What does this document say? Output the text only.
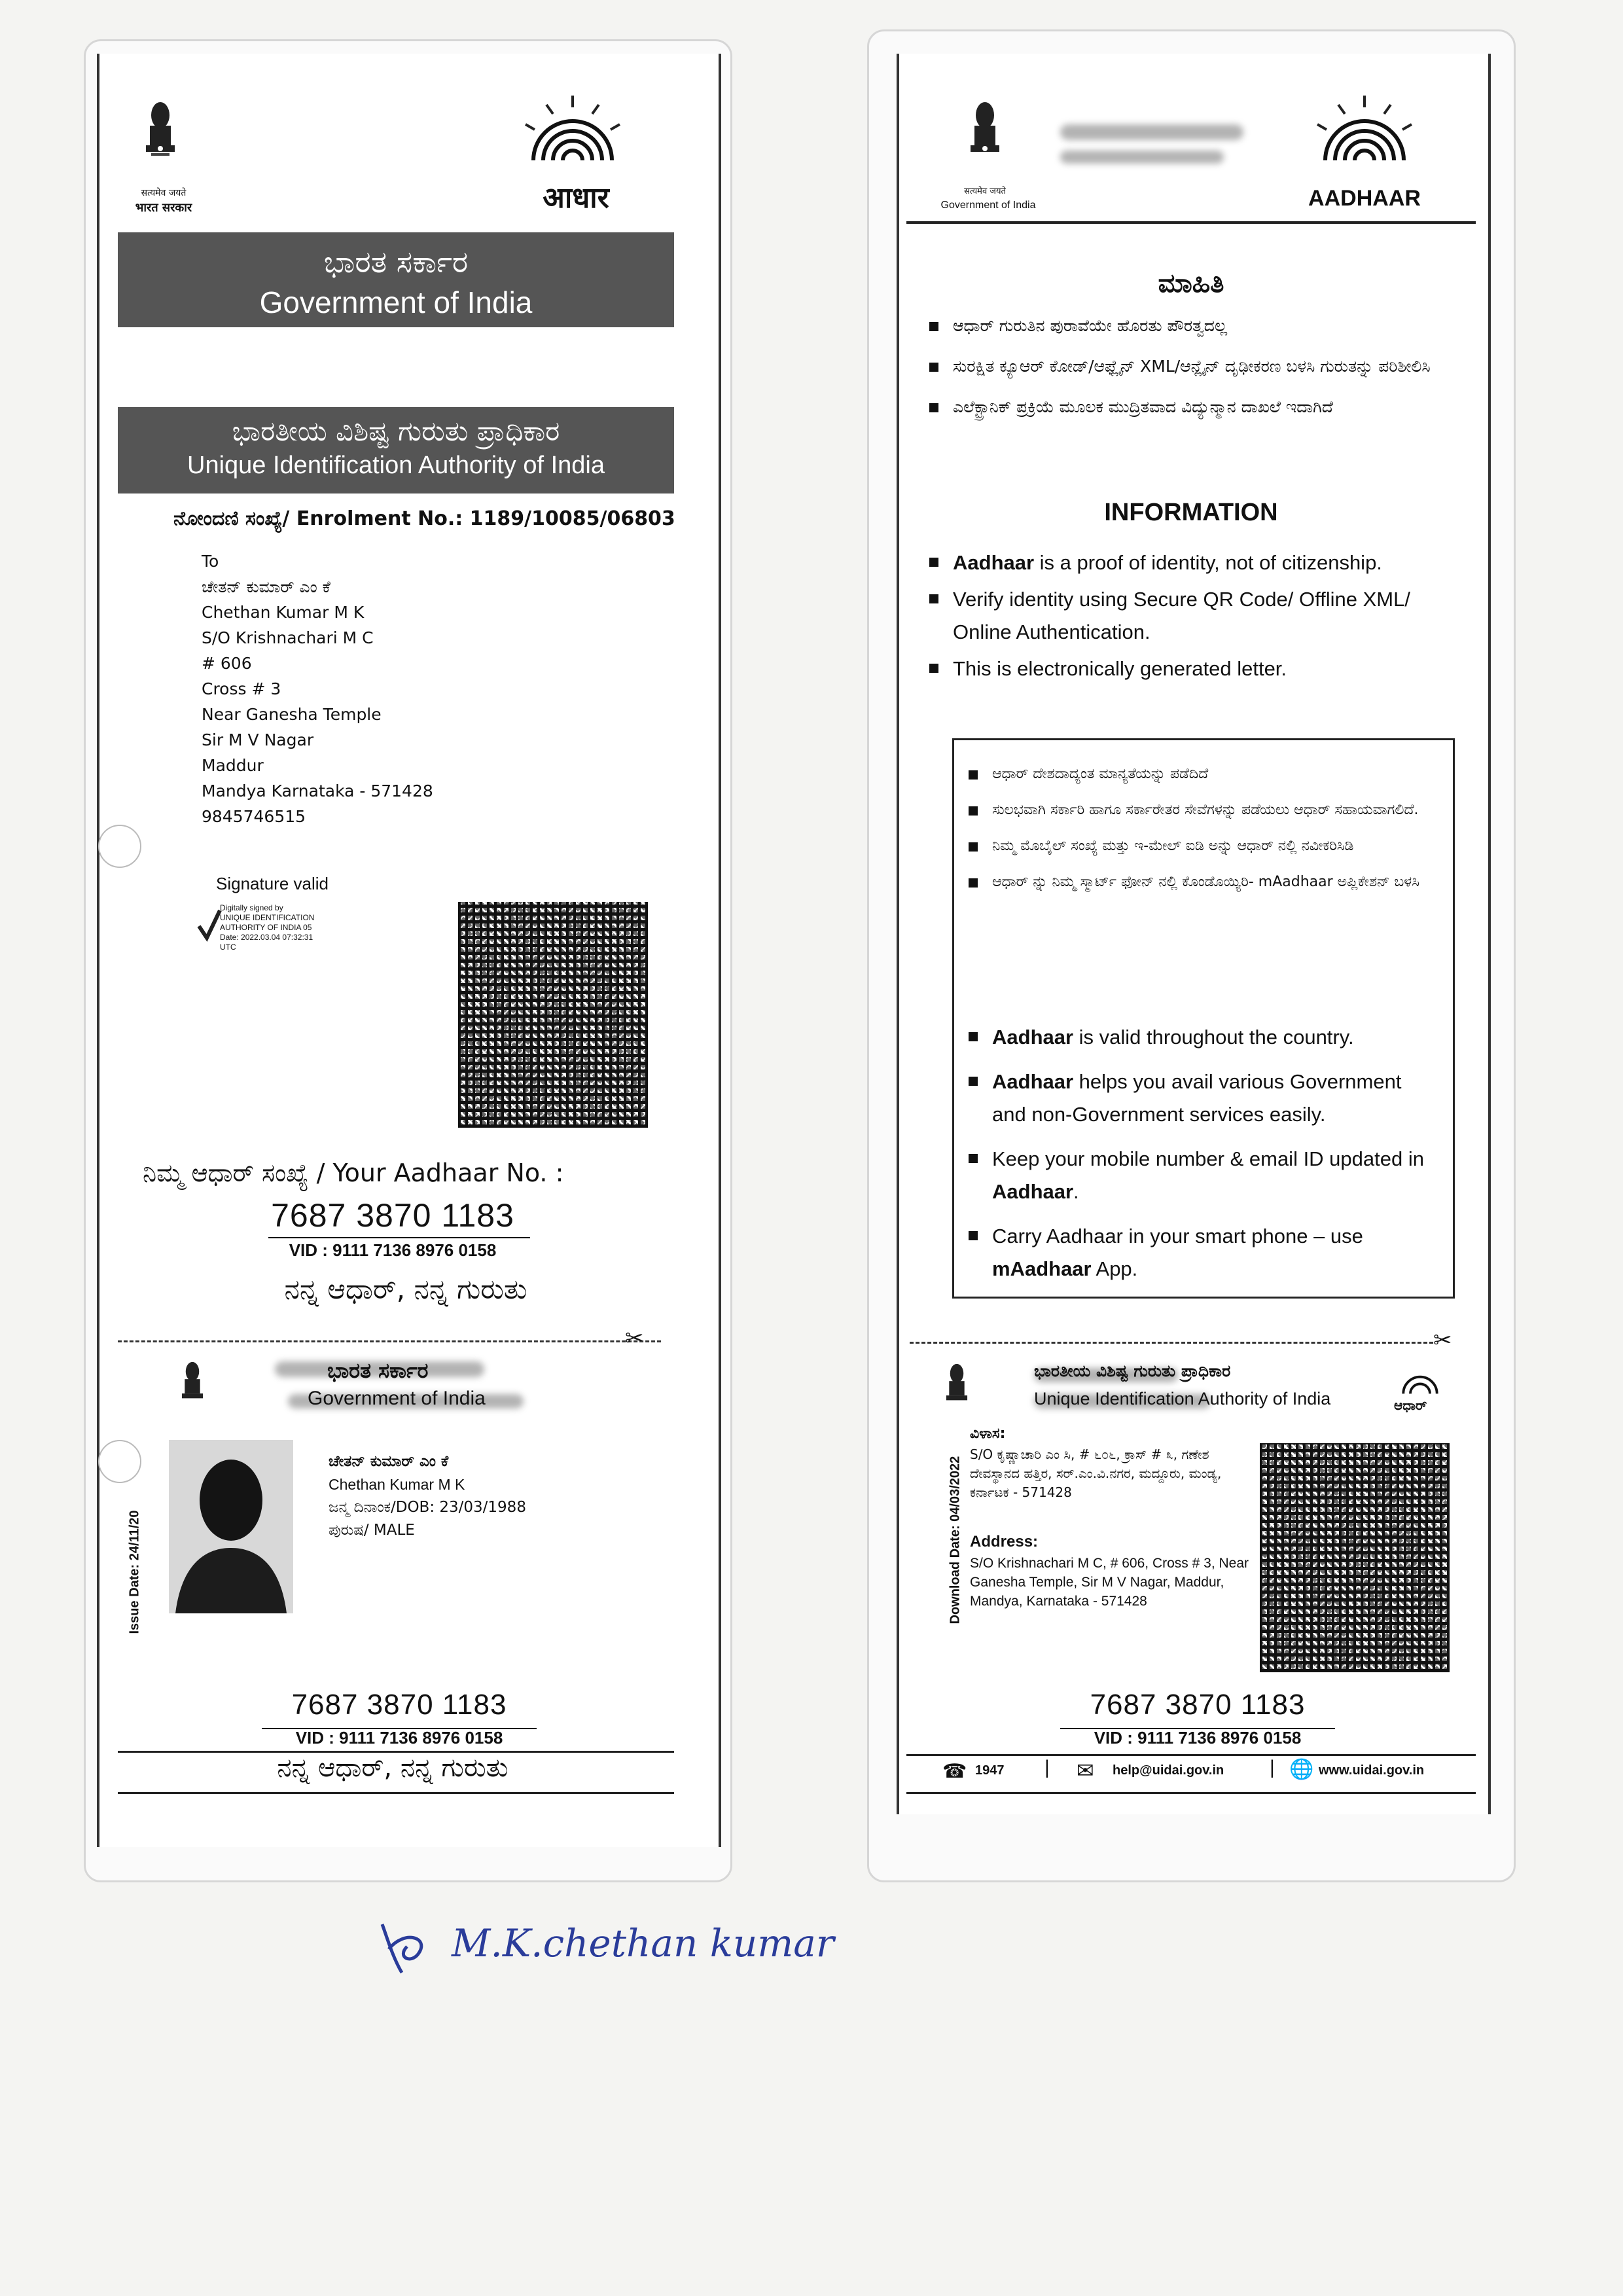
सत्यमेव जयते
भारत सरकार	आधार
ಭಾರತ ಸರ್ಕಾರ
Government of India
ಭಾರತೀಯ ವಿಶಿಷ್ಟ ಗುರುತು ಪ್ರಾಧಿಕಾರ
Unique Identification Authority of India
ನೋಂದಣಿ ಸಂಖ್ಯೆ/ Enrolment No.: 1189/10085/06803
To
ಚೇತನ್ ಕುಮಾರ್ ಎಂ ಕೆ
Chethan Kumar M K
S/O Krishnachari M C
# 606
Cross # 3
Near Ganesha Temple
Sir M V Nagar
Maddur
Mandya Karnataka - 571428
9845746515
Signature valid
Digitally signed by
UNIQUE IDENTIFICATION
AUTHORITY OF INDIA 05
Date: 2022.03.04 07:32:31
UTC
ನಿಮ್ಮ ಆಧಾರ್ ಸಂಖ್ಯೆ / Your Aadhaar No. :
7687 3870 1183
VID : 9111 7136 8976 0158
ನನ್ನ ಆಧಾರ್, ನನ್ನ ಗುರುತು
✂
ಭಾರತ ಸರ್ಕಾರ
Government of India
Issue Date: 24/11/20
ಚೇತನ್ ಕುಮಾರ್ ಎಂ ಕೆ
Chethan Kumar M K
ಜನ್ಮ ದಿನಾಂಕ/DOB: 23/03/1988
ಪುರುಷ/ MALE
7687 3870 1183
VID : 9111 7136 8976 0158
ನನ್ನ ಆಧಾರ್, ನನ್ನ ಗುರುತು
सत्यमेव जयते
Government of India	AADHAAR
ಮಾಹಿತಿ
ಆಧಾರ್ ಗುರುತಿನ ಪುರಾವೆಯೇ ಹೊರತು ಪೌರತ್ವದಲ್ಲ
ಸುರಕ್ಷಿತ ಕ್ಯೂಆರ್ ಕೋಡ್/ಆಫ್ಲೈನ್ XML/ಆನ್ಲೈನ್ ದೃಢೀಕರಣ ಬಳಸಿ ಗುರುತನ್ನು ಪರಿಶೀಲಿಸಿ
ಎಲೆಕ್ಟ್ರಾನಿಕ್ ಪ್ರಕ್ರಿಯೆ ಮೂಲಕ ಮುದ್ರಿತವಾದ ವಿದ್ಯುನ್ಮಾನ ದಾಖಲೆ ಇದಾಗಿದೆ
INFORMATION
Aadhaar is a proof of identity, not of citizenship.
Verify identity using Secure QR Code/ Offline XML/ Online Authentication.
This is electronically generated letter.
ಆಧಾರ್ ದೇಶದಾದ್ಯಂತ ಮಾನ್ಯತೆಯನ್ನು ಪಡೆದಿದೆ
ಸುಲಭವಾಗಿ ಸರ್ಕಾರಿ ಹಾಗೂ ಸರ್ಕಾರೇತರ ಸೇವೆಗಳನ್ನು ಪಡೆಯಲು ಆಧಾರ್ ಸಹಾಯವಾಗಲಿದೆ.
ನಿಮ್ಮ ಮೊಬೈಲ್ ಸಂಖ್ಯೆ ಮತ್ತು ಇ-ಮೇಲ್ ಐಡಿ ಅನ್ನು ಆಧಾರ್ ನಲ್ಲಿ ನವೀಕರಿಸಿಡಿ
ಆಧಾರ್ ನ್ನು ನಿಮ್ಮ ಸ್ಮಾರ್ಟ್ ಫೋನ್ ನಲ್ಲಿ ಕೊಂಡೊಯ್ಯಿರಿ- mAadhaar ಅಪ್ಲಿಕೇಶನ್ ಬಳಸಿ
Aadhaar is valid throughout the country.
Aadhaar helps you avail various Government and non-Government services easily.
Keep your mobile number & email ID updated in Aadhaar.
Carry Aadhaar in your smart phone – use mAadhaar App.
✂
ಭಾರತೀಯ ವಿಶಿಷ್ಟ ಗುರುತು ಪ್ರಾಧಿಕಾರ
Unique Identification Authority of India	ಆಧಾರ್
Download Date: 04/03/2022
ವಿಳಾಸ:
S/O ಕೃಷ್ಣಾಚಾರಿ ಎಂ ಸಿ, # ೬೦೬, ಕ್ರಾಸ್ # ೩, ಗಣೇಶ ದೇವಸ್ಥಾನದ ಹತ್ತಿರ, ಸರ್.ಎಂ.ವಿ.ನಗರ, ಮದ್ದೂರು, ಮಂಡ್ಯ, ಕರ್ನಾಟಕ - 571428
Address:
S/O Krishnachari M C, # 606, Cross # 3, Near Ganesha Temple, Sir M V Nagar, Maddur, Mandya, Karnataka - 571428
7687 3870 1183
VID : 9111 7136 8976 0158
☎ 1947 | ✉ help@uidai.gov.in | 🌐 www.uidai.gov.in
M.K.chethan kumar
